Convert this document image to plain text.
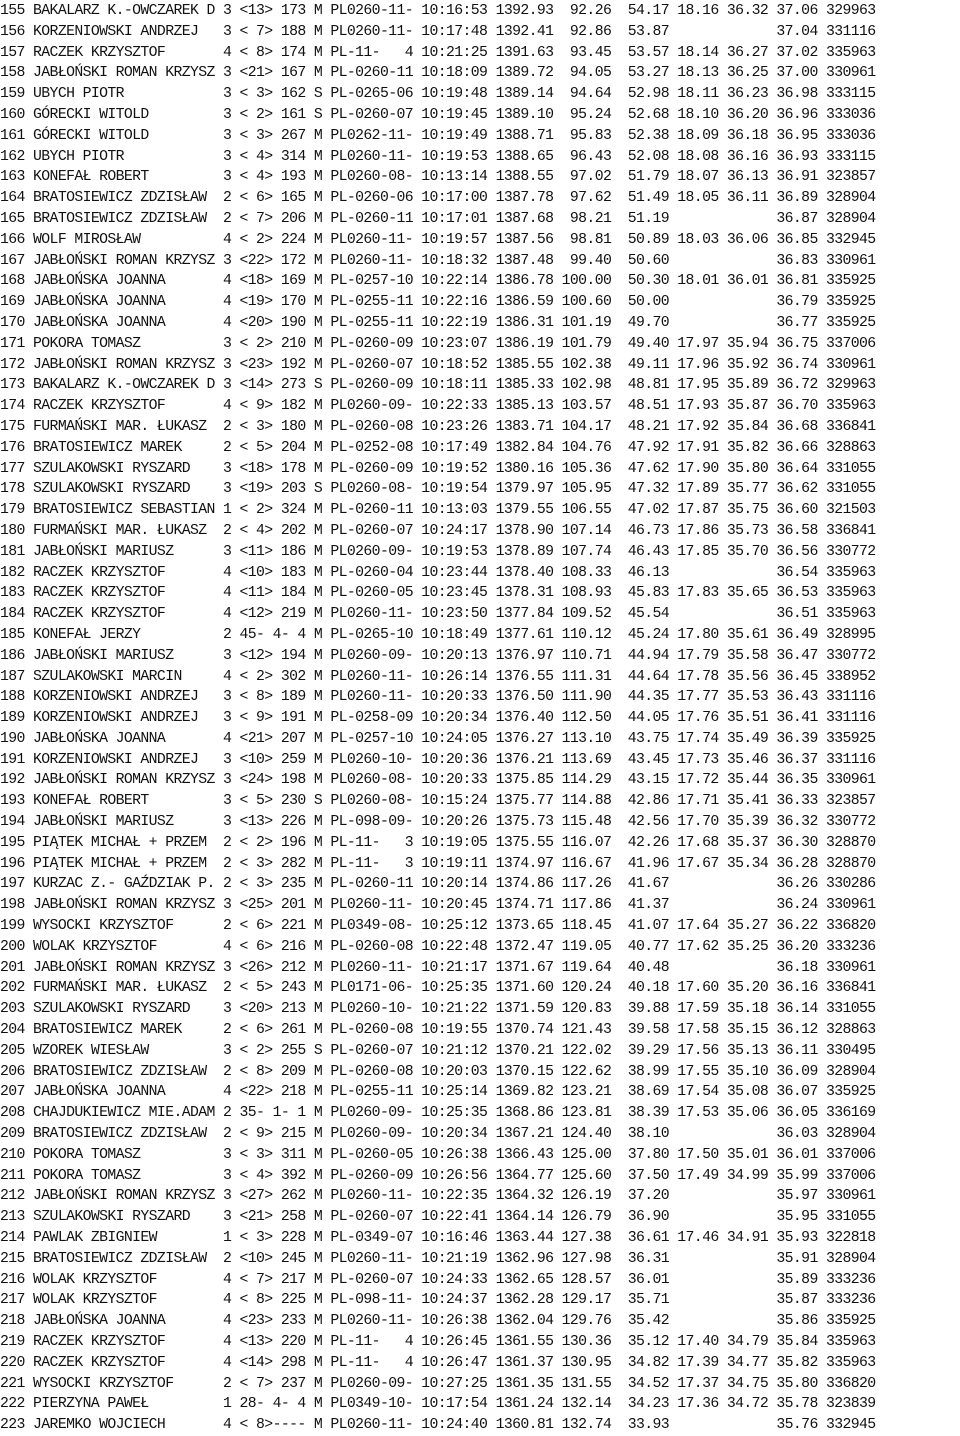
155 BAKALARZ K.-OWCZAREK D 3 <13> 173 M PL0260-11- 10:16:53 1392.93  92.26  54.17 18.16 36.32 37.06 329963
156 KORZENIOWSKI ANDRZEJ   3 < 7> 188 M PL0260-11- 10:17:48 1392.41  92.86  53.87             37.04 331116
157 RACZEK KRZYSZTOF       4 < 8> 174 M PL-11-   4 10:21:25 1391.63  93.45  53.57 18.14 36.27 37.02 335963
158 JABŁOŃSKI ROMAN KRZYSZ 3 <21> 167 M PL-0260-11 10:18:09 1389.72  94.05  53.27 18.13 36.25 37.00 330961
159 UBYCH PIOTR            3 < 3> 162 S PL-0265-06 10:19:48 1389.14  94.64  52.98 18.11 36.23 36.98 333115
160 GÓRECKI WITOLD         3 < 2> 161 S PL-0260-07 10:19:45 1389.10  95.24  52.68 18.10 36.20 36.96 333036
161 GÓRECKI WITOLD         3 < 3> 267 M PL0262-11- 10:19:49 1388.71  95.83  52.38 18.09 36.18 36.95 333036
162 UBYCH PIOTR            3 < 4> 314 M PL0260-11- 10:19:53 1388.65  96.43  52.08 18.08 36.16 36.93 333115
163 KONEFAŁ ROBERT         3 < 4> 193 M PL0260-08- 10:13:14 1388.55  97.02  51.79 18.07 36.13 36.91 323857
164 BRATOSIEWICZ ZDZISŁAW  2 < 6> 165 M PL-0260-06 10:17:00 1387.78  97.62  51.49 18.05 36.11 36.89 328904
165 BRATOSIEWICZ ZDZISŁAW  2 < 7> 206 M PL-0260-11 10:17:01 1387.68  98.21  51.19             36.87 328904
166 WOLF MIROSŁAW          4 < 2> 224 M PL0260-11- 10:19:57 1387.56  98.81  50.89 18.03 36.06 36.85 332945
167 JABŁOŃSKI ROMAN KRZYSZ 3 <22> 172 M PL0260-11- 10:18:32 1387.48  99.40  50.60             36.83 330961
168 JABŁOŃSKA JOANNA       4 <18> 169 M PL-0257-10 10:22:14 1386.78 100.00  50.30 18.01 36.01 36.81 335925
169 JABŁOŃSKA JOANNA       4 <19> 170 M PL-0255-11 10:22:16 1386.59 100.60  50.00             36.79 335925
170 JABŁOŃSKA JOANNA       4 <20> 190 M PL-0255-11 10:22:19 1386.31 101.19  49.70             36.77 335925
171 POKORA TOMASZ          3 < 2> 210 M PL-0260-09 10:23:07 1386.19 101.79  49.40 17.97 35.94 36.75 337006
172 JABŁOŃSKI ROMAN KRZYSZ 3 <23> 192 M PL-0260-07 10:18:52 1385.55 102.38  49.11 17.96 35.92 36.74 330961
173 BAKALARZ K.-OWCZAREK D 3 <14> 273 S PL-0260-09 10:18:11 1385.33 102.98  48.81 17.95 35.89 36.72 329963
174 RACZEK KRZYSZTOF       4 < 9> 182 M PL0260-09- 10:22:33 1385.13 103.57  48.51 17.93 35.87 36.70 335963
175 FURMAŃSKI MAR. ŁUKASZ  2 < 3> 180 M PL-0260-08 10:23:26 1383.71 104.17  48.21 17.92 35.84 36.68 336841
176 BRATOSIEWICZ MAREK     2 < 5> 204 M PL-0252-08 10:17:49 1382.84 104.76  47.92 17.91 35.82 36.66 328863
177 SZULAKOWSKI RYSZARD    3 <18> 178 M PL-0260-09 10:19:52 1380.16 105.36  47.62 17.90 35.80 36.64 331055
178 SZULAKOWSKI RYSZARD    3 <19> 203 S PL0260-08- 10:19:54 1379.97 105.95  47.32 17.89 35.77 36.62 331055
179 BRATOSIEWICZ SEBASTIAN 1 < 2> 324 M PL-0260-11 10:13:03 1379.55 106.55  47.02 17.87 35.75 36.60 321503
180 FURMAŃSKI MAR. ŁUKASZ  2 < 4> 202 M PL-0260-07 10:24:17 1378.90 107.14  46.73 17.86 35.73 36.58 336841
181 JABŁOŃSKI MARIUSZ      3 <11> 186 M PL0260-09- 10:19:53 1378.89 107.74  46.43 17.85 35.70 36.56 330772
182 RACZEK KRZYSZTOF       4 <10> 183 M PL-0260-04 10:23:44 1378.40 108.33  46.13             36.54 335963
183 RACZEK KRZYSZTOF       4 <11> 184 M PL-0260-05 10:23:45 1378.31 108.93  45.83 17.83 35.65 36.53 335963
184 RACZEK KRZYSZTOF       4 <12> 219 M PL0260-11- 10:23:50 1377.84 109.52  45.54             36.51 335963
185 KONEFAŁ JERZY          2 45- 4- 4 M PL-0265-10 10:18:49 1377.61 110.12  45.24 17.80 35.61 36.49 328995
186 JABŁOŃSKI MARIUSZ      3 <12> 194 M PL0260-09- 10:20:13 1376.97 110.71  44.94 17.79 35.58 36.47 330772
187 SZULAKOWSKI MARCIN     4 < 2> 302 M PL0260-11- 10:26:14 1376.55 111.31  44.64 17.78 35.56 36.45 338952
188 KORZENIOWSKI ANDRZEJ   3 < 8> 189 M PL0260-11- 10:20:33 1376.50 111.90  44.35 17.77 35.53 36.43 331116
189 KORZENIOWSKI ANDRZEJ   3 < 9> 191 M PL-0258-09 10:20:34 1376.40 112.50  44.05 17.76 35.51 36.41 331116
190 JABŁOŃSKA JOANNA       4 <21> 207 M PL-0257-10 10:24:05 1376.27 113.10  43.75 17.74 35.49 36.39 335925
191 KORZENIOWSKI ANDRZEJ   3 <10> 259 M PL0260-10- 10:20:36 1376.21 113.69  43.45 17.73 35.46 36.37 331116
192 JABŁOŃSKI ROMAN KRZYSZ 3 <24> 198 M PL0260-08- 10:20:33 1375.85 114.29  43.15 17.72 35.44 36.35 330961
193 KONEFAŁ ROBERT         3 < 5> 230 S PL0260-08- 10:15:24 1375.77 114.88  42.86 17.71 35.41 36.33 323857
194 JABŁOŃSKI MARIUSZ      3 <13> 226 M PL-098-09- 10:20:26 1375.73 115.48  42.56 17.70 35.39 36.32 330772
195 PIĄTEK MICHAŁ + PRZEM  2 < 2> 196 M PL-11-   3 10:19:05 1375.55 116.07  42.26 17.68 35.37 36.30 328870
196 PIĄTEK MICHAŁ + PRZEM  2 < 3> 282 M PL-11-   3 10:19:11 1374.97 116.67  41.96 17.67 35.34 36.28 328870
197 KURZAC Z.- GAŹDZIAK P. 2 < 3> 235 M PL-0260-11 10:20:14 1374.86 117.26  41.67             36.26 330286
198 JABŁOŃSKI ROMAN KRZYSZ 3 <25> 201 M PL0260-11- 10:20:45 1374.71 117.86  41.37             36.24 330961
199 WYSOCKI KRZYSZTOF      2 < 6> 221 M PL0349-08- 10:25:12 1373.65 118.45  41.07 17.64 35.27 36.22 336820
200 WOLAK KRZYSZTOF        4 < 6> 216 M PL-0260-08 10:22:48 1372.47 119.05  40.77 17.62 35.25 36.20 333236
201 JABŁOŃSKI ROMAN KRZYSZ 3 <26> 212 M PL0260-11- 10:21:17 1371.67 119.64  40.48             36.18 330961
202 FURMAŃSKI MAR. ŁUKASZ  2 < 5> 243 M PL0171-06- 10:25:35 1371.60 120.24  40.18 17.60 35.20 36.16 336841
203 SZULAKOWSKI RYSZARD    3 <20> 213 M PL0260-10- 10:21:22 1371.59 120.83  39.88 17.59 35.18 36.14 331055
204 BRATOSIEWICZ MAREK     2 < 6> 261 M PL-0260-08 10:19:55 1370.74 121.43  39.58 17.58 35.15 36.12 328863
205 WZOREK WIESŁAW         3 < 2> 255 S PL-0260-07 10:21:12 1370.21 122.02  39.29 17.56 35.13 36.11 330495
206 BRATOSIEWICZ ZDZISŁAW  2 < 8> 209 M PL-0260-08 10:20:03 1370.15 122.62  38.99 17.55 35.10 36.09 328904
207 JABŁOŃSKA JOANNA       4 <22> 218 M PL-0255-11 10:25:14 1369.82 123.21  38.69 17.54 35.08 36.07 335925
208 CHAJDUKIEWICZ MIE.ADAM 2 35- 1- 1 M PL0260-09- 10:25:35 1368.86 123.81  38.39 17.53 35.06 36.05 336169
209 BRATOSIEWICZ ZDZISŁAW  2 < 9> 215 M PL0260-09- 10:20:34 1367.21 124.40  38.10             36.03 328904
210 POKORA TOMASZ          3 < 3> 311 M PL-0260-05 10:26:38 1366.43 125.00  37.80 17.50 35.01 36.01 337006
211 POKORA TOMASZ          3 < 4> 392 M PL-0260-09 10:26:56 1364.77 125.60  37.50 17.49 34.99 35.99 337006
212 JABŁOŃSKI ROMAN KRZYSZ 3 <27> 262 M PL0260-11- 10:22:35 1364.32 126.19  37.20             35.97 330961
213 SZULAKOWSKI RYSZARD    3 <21> 258 M PL-0260-07 10:22:41 1364.14 126.79  36.90             35.95 331055
214 PAWLAK ZBIGNIEW        1 < 3> 228 M PL-0349-07 10:16:46 1363.44 127.38  36.61 17.46 34.91 35.93 322818
215 BRATOSIEWICZ ZDZISŁAW  2 <10> 245 M PL0260-11- 10:21:19 1362.96 127.98  36.31             35.91 328904
216 WOLAK KRZYSZTOF        4 < 7> 217 M PL-0260-07 10:24:33 1362.65 128.57  36.01             35.89 333236
217 WOLAK KRZYSZTOF        4 < 8> 225 M PL-098-11- 10:24:37 1362.28 129.17  35.71             35.87 333236
218 JABŁOŃSKA JOANNA       4 <23> 233 M PL0260-11- 10:26:38 1362.04 129.76  35.42             35.86 335925
219 RACZEK KRZYSZTOF       4 <13> 220 M PL-11-   4 10:26:45 1361.55 130.36  35.12 17.40 34.79 35.84 335963
220 RACZEK KRZYSZTOF       4 <14> 298 M PL-11-   4 10:26:47 1361.37 130.95  34.82 17.39 34.77 35.82 335963
221 WYSOCKI KRZYSZTOF      2 < 7> 237 M PL0260-09- 10:27:25 1361.35 131.55  34.52 17.37 34.75 35.80 336820
222 PIERZYNA PAWEŁ         1 28- 4- 4 M PL0349-10- 10:17:54 1361.24 132.14  34.23 17.36 34.72 35.78 323839
223 JAREMKO WOJCIECH       4 < 8>---- M PL0260-11- 10:24:40 1360.81 132.74  33.93             35.76 332945
